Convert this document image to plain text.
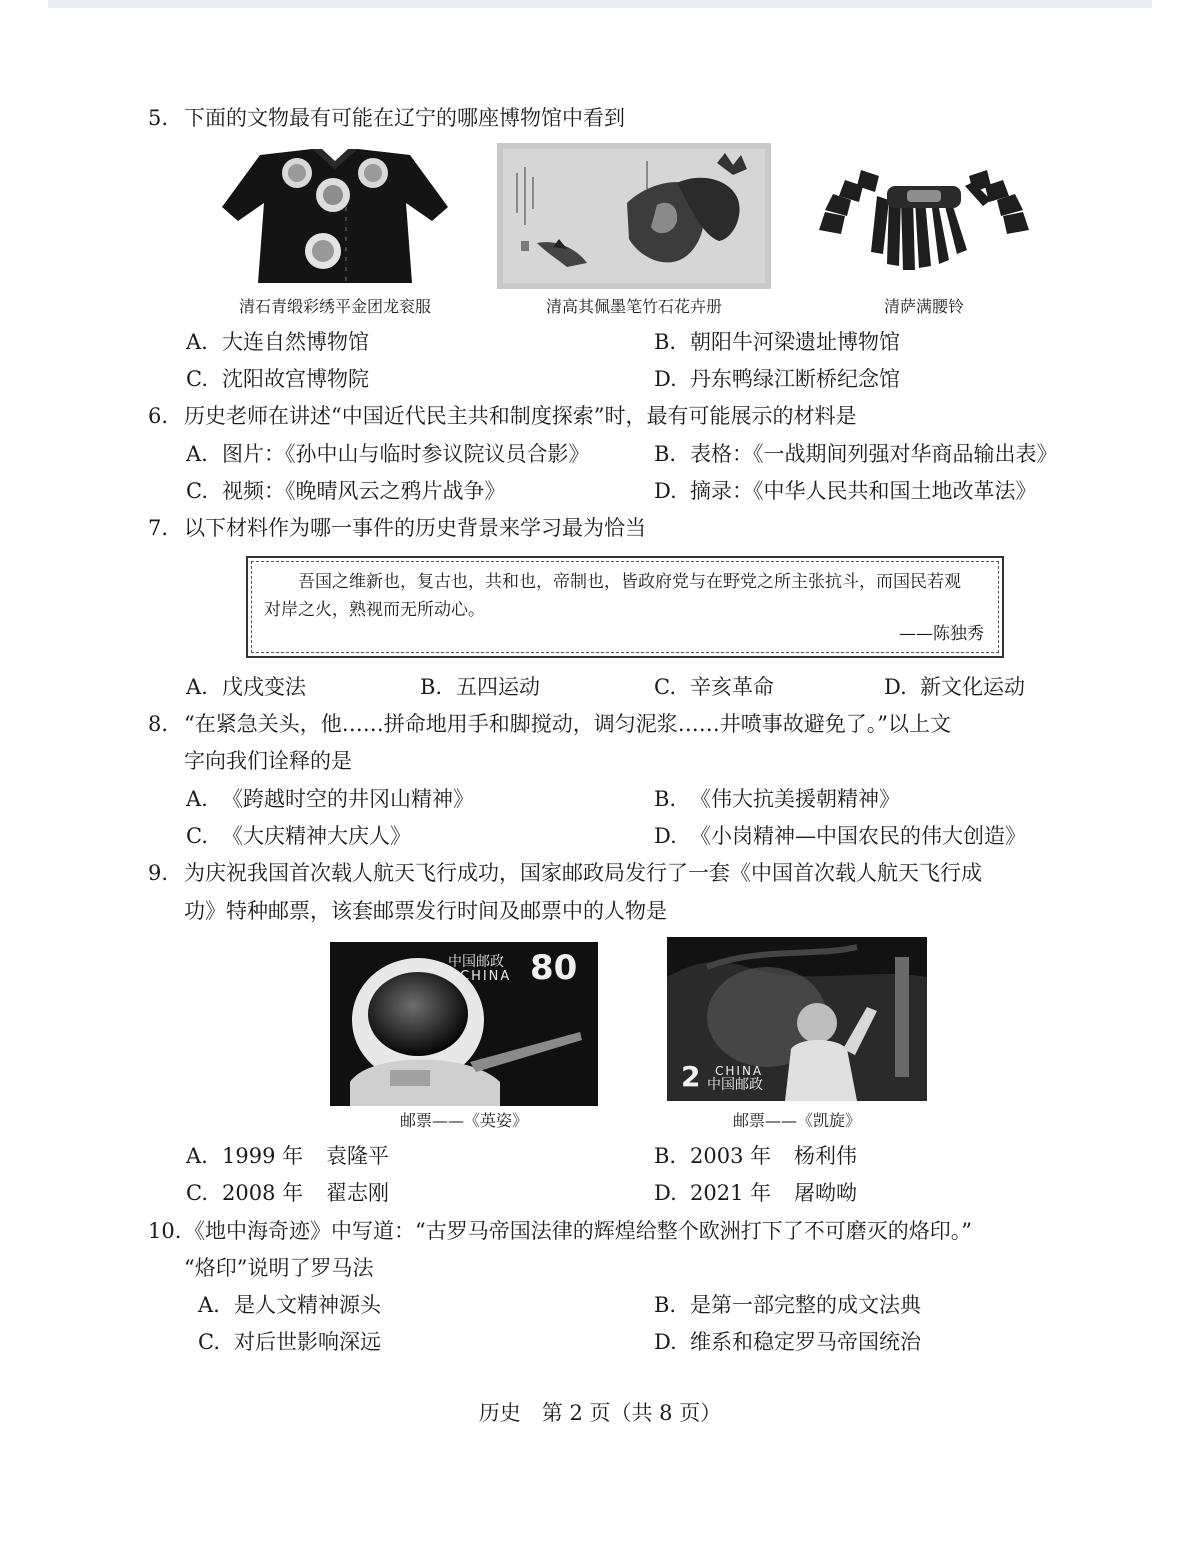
5. 下面的文物最有可能在辽宁的哪座博物馆中看到
清石青缎彩绣平金团龙衮服	清高其佩墨笔竹石花卉册	清萨满腰铃
A. 大连自然博物馆	B. 朝阳牛河梁遗址博物馆
C. 沈阳故宫博物院	D. 丹东鸭绿江断桥纪念馆
6. 历史老师在讲述“中国近代民主共和制度探索”时，最有可能展示的材料是
A. 图片：《孙中山与临时参议院议员合影》	B. 表格：《一战期间列强对华商品输出表》
C. 视频：《晚晴风云之鸦片战争》	D. 摘录：《中华人民共和国土地改革法》
7. 以下材料作为哪一事件的历史背景来学习最为恰当
吾国之维新也，复古也，共和也，帝制也，皆政府党与在野党之所主张抗斗，而国民若观
对岸之火，熟视而无所动心。
——陈独秀
A. 戊戌变法	B. 五四运动	C. 辛亥革命	D. 新文化运动
8. “在紧急关头，他……拼命地用手和脚搅动，调匀泥浆……井喷事故避免了。”以上文
字向我们诠释的是
A. 《跨越时空的井冈山精神》	B. 《伟大抗美援朝精神》
C. 《大庆精神大庆人》	D. 《小岗精神—中国农民的伟大创造》
9. 为庆祝我国首次载人航天飞行成功，国家邮政局发行了一套《中国首次载人航天飞行成
功》特种邮票，该套邮票发行时间及邮票中的人物是
中国邮政
CHINA 80
邮票——《英姿》
CHINA
中国邮政
2
邮票——《凯旋》
A. 1999 年 袁隆平	B. 2003 年 杨利伟
C. 2008 年 翟志刚	D. 2021 年 屠呦呦
10. 《地中海奇迹》中写道：“古罗马帝国法律的辉煌给整个欧洲打下了不可磨灭的烙印。”
“烙印”说明了罗马法
A. 是人文精神源头	B. 是第一部完整的成文法典
C. 对后世影响深远	D. 维系和稳定罗马帝国统治
历史　第 2 页（共 8 页）
